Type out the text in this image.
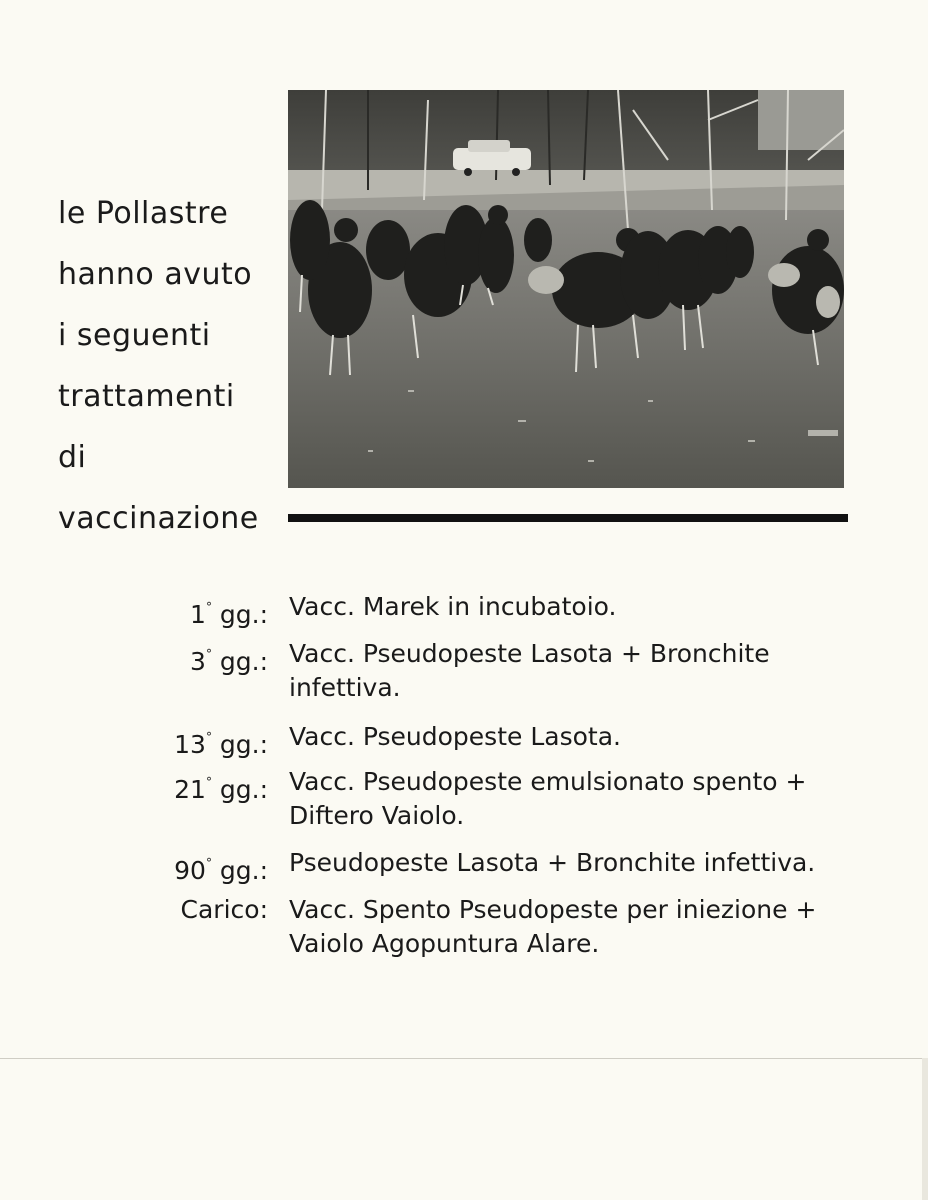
le Pollastre
hanno avuto
i seguenti
trattamenti
di
vaccinazione
1° gg.: Vacc. Marek in incubatoio.
3° gg.: Vacc. Pseudopeste Lasota + Bronchite
infettiva.
13° gg.: Vacc. Pseudopeste Lasota.
21° gg.: Vacc. Pseudopeste emulsionato spento +
Diftero Vaiolo.
90° gg.: Pseudopeste Lasota + Bronchite infettiva.
Carico: Vacc. Spento Pseudopeste per iniezione +
Vaiolo Agopuntura Alare.
